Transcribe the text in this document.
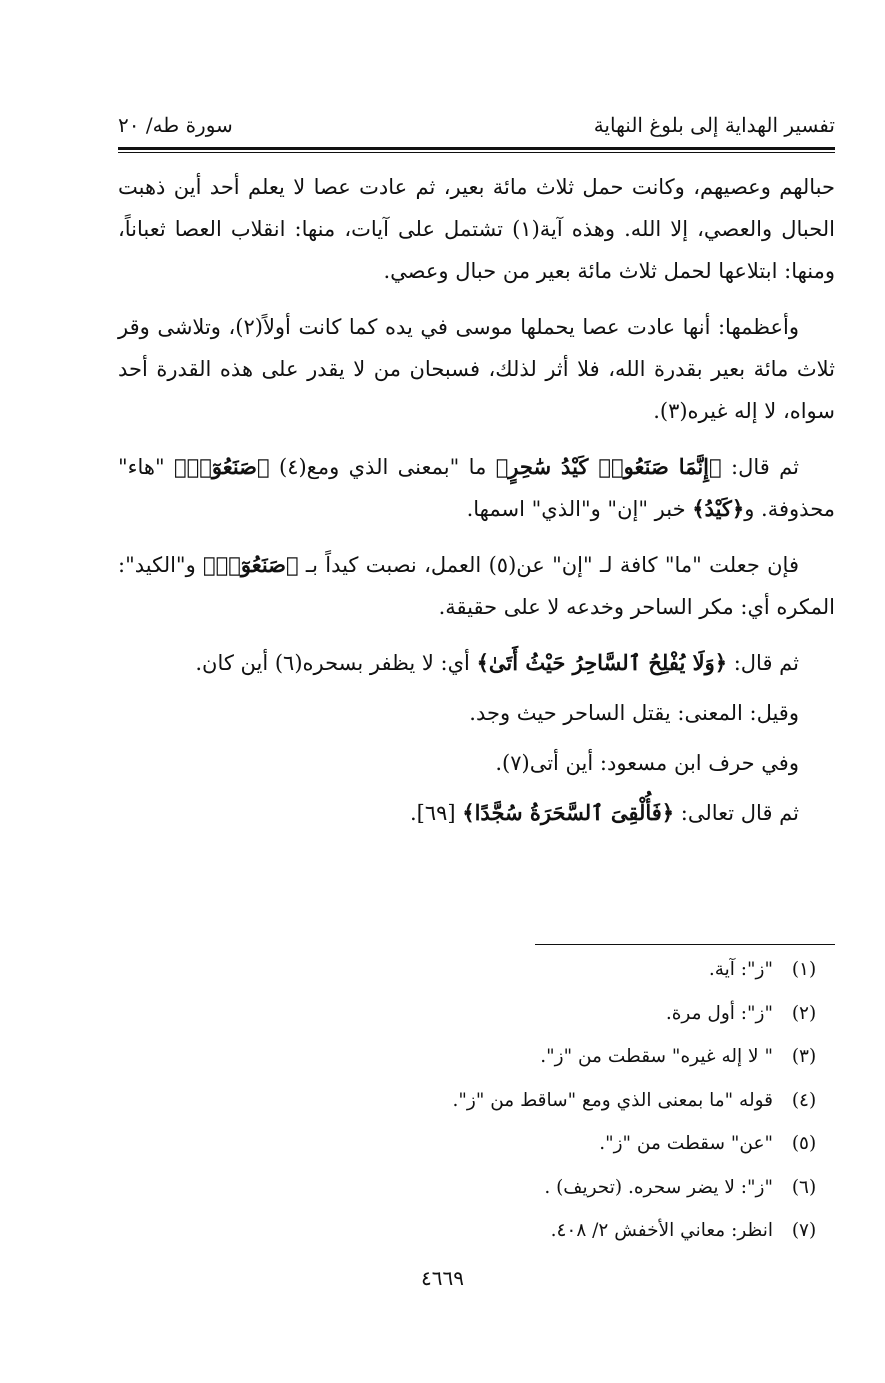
تفسير الهداية إلى بلوغ النهاية
سورة طه/ ٢٠

حبالهم وعصيهم، وكانت حمل ثلاث مائة بعير، ثم عادت عصا لا يعلم أحد أين ذهبت الحبال والعصي، إلا الله. وهذه آية(١) تشتمل على آيات، منها: انقلاب العصا ثعباناً، ومنها: ابتلاعها لحمل ثلاث مائة بعير من حبال وعصي.

وأعظمها: أنها عادت عصا يحملها موسى في يده كما كانت أولاً(٢)، وتلاشى وقر ثلاث مائة بعير بقدرة الله، فلا أثر لذلك، فسبحان من لا يقدر على هذه القدرة أحد سواه، لا إله غيره(٣).

ثم قال: ﴿إِنَّمَا صَنَعُوا۟ كَيْدُ سَٰحِرٍ﴾ ما "بمعنى الذي ومع(٤) ﴿صَنَعُوٓا۟﴾ "هاء" محذوفة. و﴿كَيْدُ﴾ خبر "إن" و"الذي" اسمها.

فإن جعلت "ما" كافة لـ "إن" عن(٥) العمل، نصبت كيداً بـ ﴿صَنَعُوٓا۟﴾ و"الكيد": المكره أي: مكر الساحر وخدعه لا على حقيقة.

ثم قال: ﴿وَلَا يُفْلِحُ ٱلسَّاحِرُ حَيْثُ أَتَىٰ﴾ أي: لا يظفر بسحره(٦) أين كان.

وقيل: المعنى: يقتل الساحر حيث وجد.

وفي حرف ابن مسعود: أين أتى(٧).

ثم قال تعالى: ﴿فَأُلْقِىَ ٱلسَّحَرَةُ سُجَّدًا﴾ [٦٩].

(١)
"ز": آية.
(٢)
"ز": أول مرة.
(٣)
" لا إله غيره" سقطت من "ز".
(٤)
قوله "ما بمعنى الذي ومع "ساقط من "ز".
(٥)
"عن" سقطت من "ز".
(٦)
"ز": لا يضر سحره. (تحريف) .
(٧)
انظر: معاني الأخفش ٢/ ٤٠٨.
٤٦٦٩
